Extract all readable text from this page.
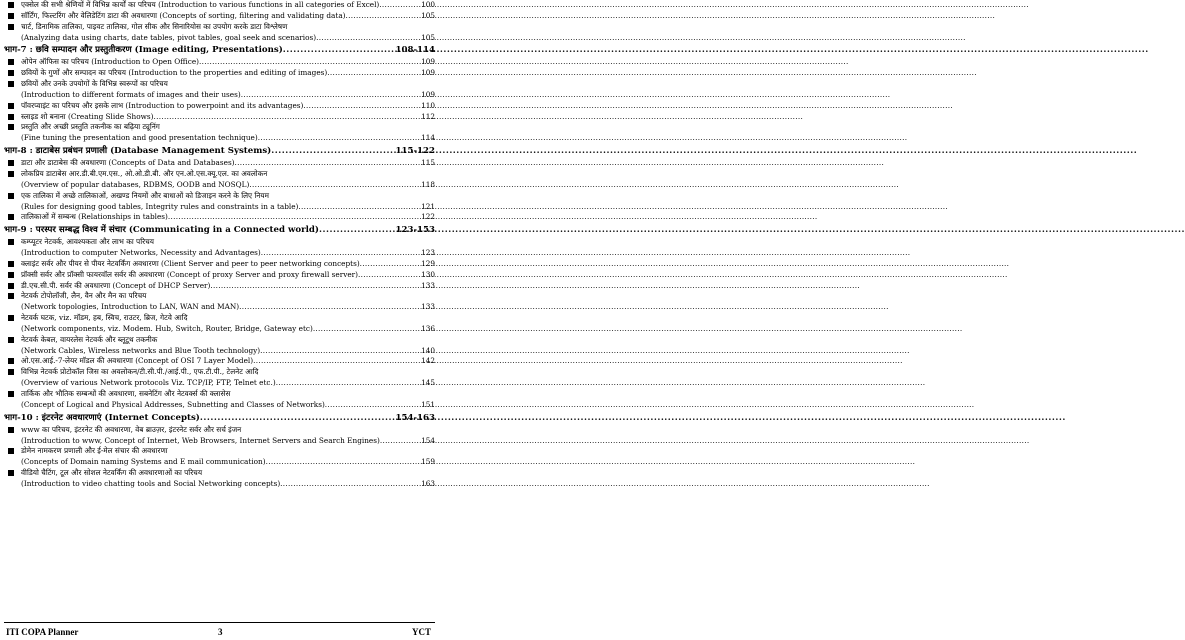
एक्सेल की सभी श्रेणियों में विभिन्न कार्यों का परिचय (Introduction to various functions in all categories of Excel) .....	100
सॉर्टिंग, फिल्टरिंग और वेलिडेटिंग डाटा की अवधारणा (Concepts of sorting, filtering and validating data) .....	105
चार्ट, डिनामिक तालिका, पाइवट तालिका, गोल सीक और सिनारियोस का उपयोग करके डाटा विश्लेषण
(Analyzing data using charts, date tables, pivot tables, goal seek and scenarios) .....	105
भाग-7 : छवि सम्पादन और प्रस्तुतीकरण (Image editing, Presentations) .....	108-114
ओपेन ऑफिस का परिचय (Introduction to Open Office) .....	109
छवियों के गुणों और सम्पादन का परिचय (Introduction to the properties and editing of images) .....	109
छवियों और उनके उपयोगों के विभिन्न स्वरूपों का परिचय
(Introduction to different formats of images and their uses) .....	109
पॉवरप्वाइंट का परिचय और इसके लाभ (Introduction to powerpoint and its advantages) .....	110
स्लाइड शो बनाना (Creating Slide Shows) .....	112
प्रस्तुति और अच्छी प्रस्तुति तकनीक का बढ़िया ट्यूनिंग
(Fine tuning the presentation and good presentation technique) .....	114
भाग-8 : डाटाबेस प्रबंधन प्रणाली (Database Management Systems) .....	115-122
डाटा और डाटाबेस की अवधारणा (Concepts of Data and Databases) .....	115
लोकप्रिय डाटाबेस आर.डी.बी.एम.एस., ओ.ओ.डी.बी. और एन.ओ.एस.क्यू.एल. का अवलोकन
(Overview of popular databases, RDBMS, OODB and NOSQL) .....	118
एक तालिका में अच्छे तालिकाओं, अखण्ड नियमों और बाधाओं को डिजाइन करने के लिए नियम
(Rules for designing good tables, Integrity rules and constraints in a table) .....	121
तालिकाओं में सम्बन्ध (Relationships in tables) .....	122
भाग-9 : परस्पर सम्बद्ध विश्व में संचार (Communicating in a Connected world) .....	123-153
कम्प्यूटर नेटवर्क, आवश्यकता और लाभ का परिचय
(Introduction to computer Networks, Necessity and Advantages) .....	123
क्लाइंट सर्वर और पीयर से पीयर नेटवर्किंग अवधारणा (Client Server and peer to peer networking concepts) .....	129
प्रॉक्सी सर्वर और प्रॉक्सी फायरवॉल सर्वर की अवधारणा (Concept of proxy Server and proxy firewall server) .....	130
डी.एच.सी.पी. सर्वर की अवधारणा (Concept of DHCP Server) .....	133
नेटवर्क टोपोलॉजी, लैन, वैन और मैन का परिचय
(Network topologies, Introduction to LAN, WAN and MAN) .....	133
नेटवर्क घटक, viz. मॉडम, हब, स्विच, राउटर, ब्रिज, गेटवे आदि
(Network components, viz. Modem. Hub, Switch, Router, Bridge, Gateway etc) .....	136
नेटवर्क केबल, वायरलेस नेटवर्क और ब्लूटूथ तकनीक
(Network Cables, Wireless networks and Blue Tooth technology) .....	140
ओ.एस.आई.-7-लेयर मॉडल की अवधारणा (Concept of OSI 7 Layer Model) .....	142
विभिन्न नेटवर्क प्रोटोकॉल जिस का अवलोकन/टी.सी.पी./आई.पी., एफ.टी.पी., टेलनेट आदि
(Overview of various Network protocols Viz. TCP/IP, FTP, Telnet etc.) .....	145
तार्किक और भौतिक सम्बन्धों की अवधारणा, सबनेटिंग और नेटवर्क्स की क्लासेस
(Concept of Logical and Physical Addresses, Subnetting and Classes of Networks) .....	151
भाग-10 : इंटरनेट अवधारणाएं (Internet Concepts) .....	154-163
www का परिचय, इंटरनेट की अवधारणा, वेब ब्राउज़र, इंटरनेट सर्वर और सर्च इंजन
(Introduction to www, Concept of Internet, Web Browsers, Internet Servers and Search Engines) .....	154
डोमेन नामकरण प्रणाली और ई-मेल संचार की अवधारणा
(Concepts of Domain naming Systems and E mail communication) .....	159
वीडियो चैटिंग, टूल और सोशल नेटवर्किंग की अवधारणाओं का परिचय
(Introduction to video chatting tools and Social Networking concepts) .....	163
ITI COPA Planner	3	YCT
